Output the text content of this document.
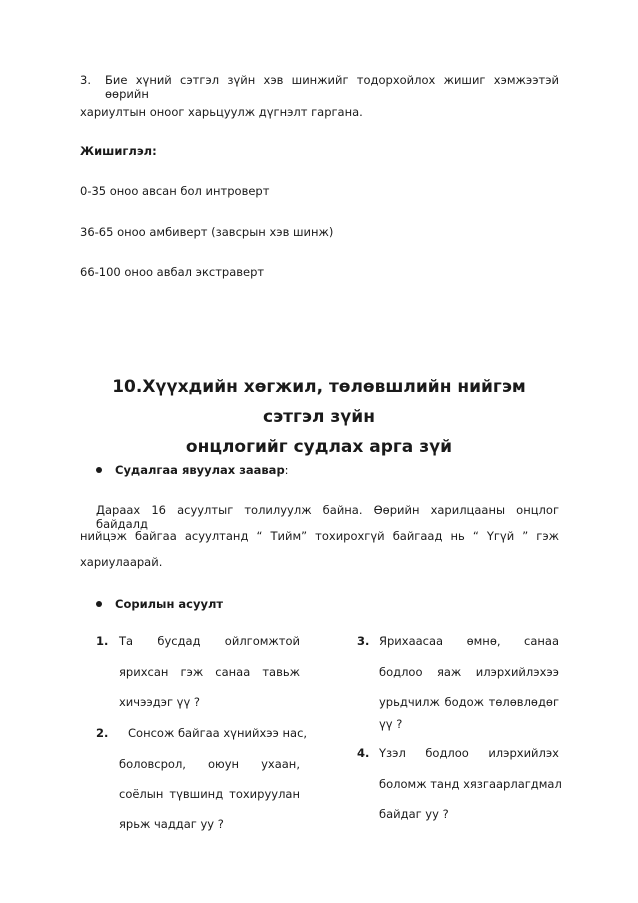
3. Бие хүний сэтгэл зүйн хэв шинжийг тодорхойлох жишиг хэмжээтэй өөрийн
хариултын оноог харьцуулж дүгнэлт гаргана.
Жишиглэл:
0-35 оноо авсан бол интроверт
36-65 оноо амбиверт (завсрын хэв шинж)
66-100 оноо авбал экстраверт
10.Хүүхдийн хөгжил, төлөвшлийн нийгэм сэтгэл зүйн
онцлогийг судлах арга зүй
Судалгаа явуулах заавар :
Дараах 16 асуултыг толилуулж байна. Өөрийн харилцааны онцлог байдалд
нийцэж байгаа асуултанд “ Тийм” тохирохгүй байгаад нь “ Үгүй ” гэж
хариулаарай.
Сорилын асуулт
1. Та бусдад ойлгомжтой
ярихсан гэж санаа тавьж
хичээдэг үү ?
2. Сонсож байгаа хүнийхээ нас,
боловсрол, оюун ухаан,
соёлын түвшинд тохируулан
ярьж чаддаг уу ?
3. Ярихаасаа өмнө, санаа
бодлоо яаж илэрхийлэхээ
урьдчилж бодож төлөвлөдөг
үү ?
4. Үзэл бодлоо илэрхийлэх
боломж танд хязгаарлагдмал
байдаг уу ?
